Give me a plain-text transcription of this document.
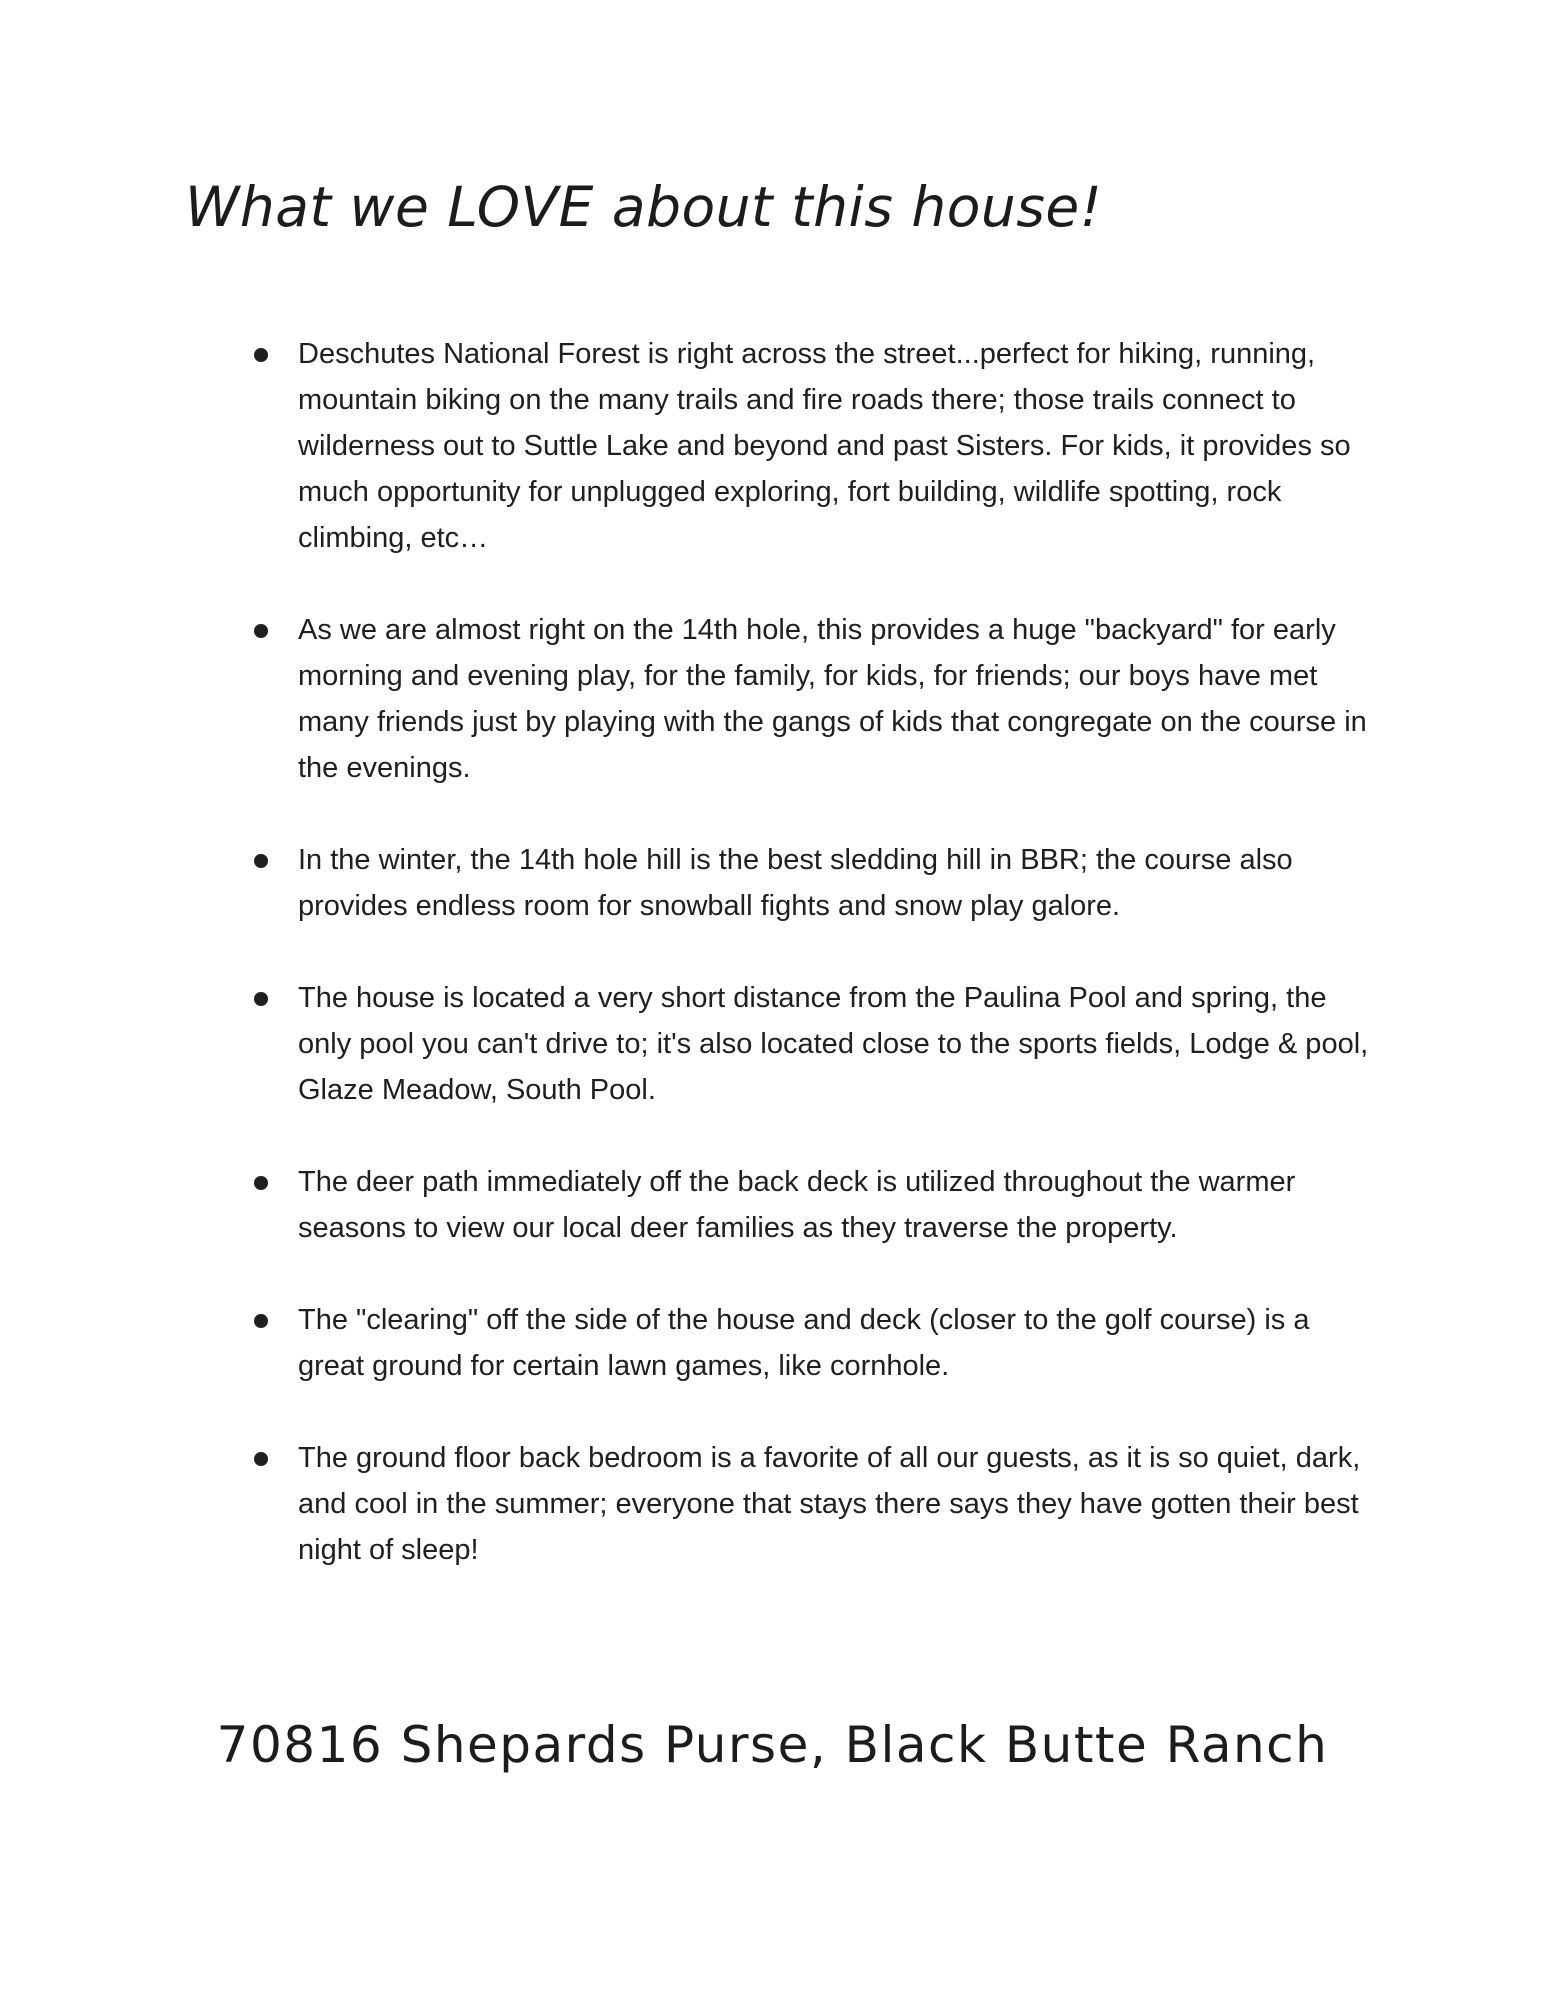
What we LOVE about this house!
Deschutes National Forest is right across the street...perfect for hiking, running, mountain biking on the many trails and fire roads there; those trails connect to wilderness out to Suttle Lake and beyond and past Sisters. For kids, it provides so much opportunity for unplugged exploring, fort building, wildlife spotting, rock climbing, etc…
As we are almost right on the 14th hole, this provides a huge "backyard" for early morning and evening play, for the family, for kids, for friends; our boys have met many friends just by playing with the gangs of kids that congregate on the course in the evenings.
In the winter, the 14th hole hill is the best sledding hill in BBR; the course also provides endless room for snowball fights and snow play galore.
The house is located a very short distance from the Paulina Pool and spring, the only pool you can't drive to; it's also located close to the sports fields, Lodge & pool, Glaze Meadow, South Pool.
The deer path immediately off the back deck is utilized throughout the warmer seasons to view our local deer families as they traverse the property.
The "clearing" off the side of the house and deck (closer to the golf course) is a great ground for certain lawn games, like cornhole.
The ground floor back bedroom is a favorite of all our guests, as it is so quiet, dark, and cool in the summer; everyone that stays there says they have gotten their best night of sleep!
70816 Shepards Purse, Black Butte Ranch
